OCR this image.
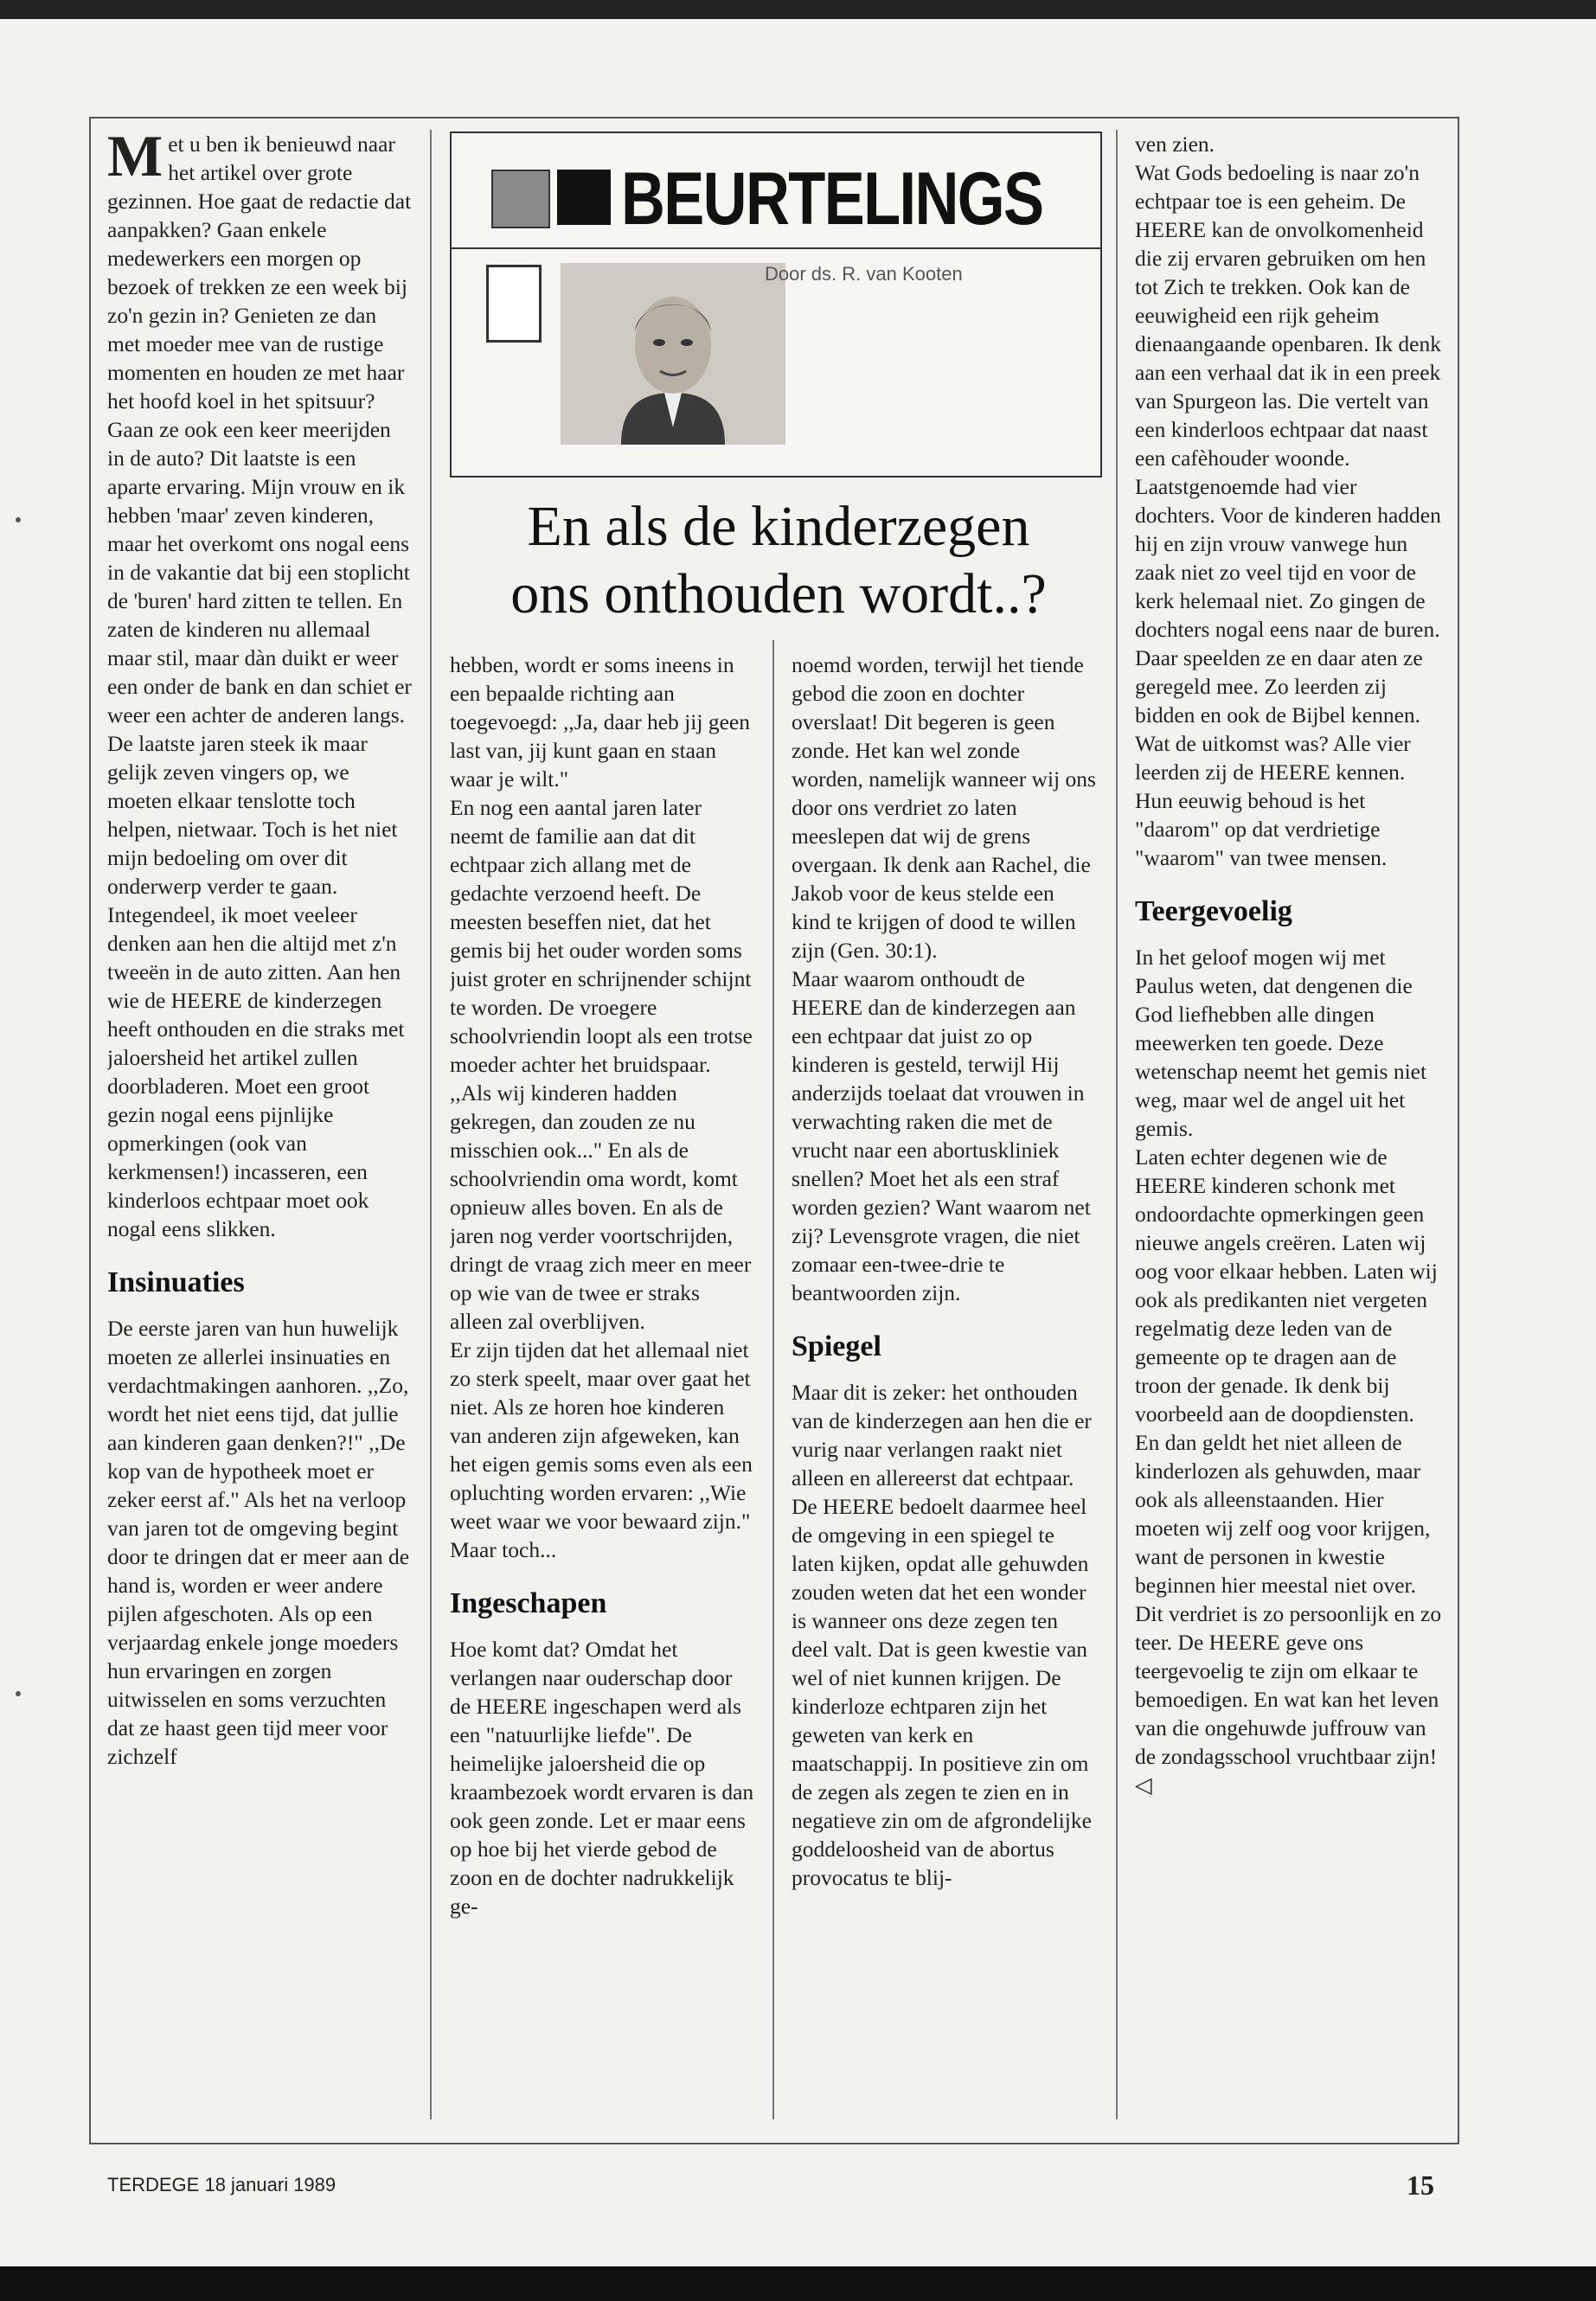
M et u ben ik benieuwd naar het artikel over grote gezinnen. Hoe gaat de redactie dat aanpakken? Gaan enkele medewerkers een morgen op bezoek of trekken ze een week bij zo'n gezin in? Genieten ze dan met moeder mee van de rustige momenten en houden ze met haar het hoofd koel in het spitsuur? Gaan ze ook een keer meerijden in de auto? Dit laatste is een aparte ervaring. Mijn vrouw en ik hebben 'maar' zeven kinderen, maar het overkomt ons nogal eens in de vakantie dat bij een stoplicht de 'buren' hard zitten te tellen. En zaten de kinderen nu allemaal maar stil, maar dàn duikt er weer een onder de bank en dan schiet er weer een achter de anderen langs. De laatste jaren steek ik maar gelijk zeven vingers op, we moeten elkaar tenslotte toch helpen, nietwaar. Toch is het niet mijn bedoeling om over dit onderwerp verder te gaan. Integendeel, ik moet veeleer denken aan hen die altijd met z'n tweeën in de auto zitten. Aan hen wie de HEERE de kinderzegen heeft onthouden en die straks met jaloersheid het artikel zullen doorbladeren. Moet een groot gezin nogal eens pijnlijke opmerkingen (ook van kerkmensen!) incasseren, een kinderloos echtpaar moet ook nogal eens slikken.

Insinuaties

De eerste jaren van hun huwelijk moeten ze allerlei insinuaties en verdachtmakingen aanhoren. ,,Zo, wordt het niet eens tijd, dat jullie aan kinderen gaan denken?!" ,,De kop van de hypotheek moet er zeker eerst af." Als het na verloop van jaren tot de omgeving begint door te dringen dat er meer aan de hand is, worden er weer andere pijlen afgeschoten. Als op een verjaardag enkele jonge moeders hun ervaringen en zorgen uitwisselen en soms verzuchten dat ze haast geen tijd meer voor zichzelf

BEURTELINGS
Door ds. R. van Kooten
En als de kinderzegen
ons onthouden wordt..?

hebben, wordt er soms ineens in een bepaalde richting aan toegevoegd: ,,Ja, daar heb jij geen last van, jij kunt gaan en staan waar je wilt."

En nog een aantal jaren later neemt de familie aan dat dit echtpaar zich allang met de gedachte verzoend heeft. De meesten beseffen niet, dat het gemis bij het ouder worden soms juist groter en schrijnender schijnt te worden. De vroegere schoolvriendin loopt als een trotse moeder achter het bruidspaar. ,,Als wij kinderen hadden gekregen, dan zouden ze nu misschien ook..." En als de schoolvriendin oma wordt, komt opnieuw alles boven. En als de jaren nog verder voortschrijden, dringt de vraag zich meer en meer op wie van de twee er straks alleen zal overblijven.

Er zijn tijden dat het allemaal niet zo sterk speelt, maar over gaat het niet. Als ze horen hoe kinderen van anderen zijn afgeweken, kan het eigen gemis soms even als een opluchting worden ervaren: ,,Wie weet waar we voor bewaard zijn." Maar toch...

Ingeschapen

Hoe komt dat? Omdat het verlangen naar ouderschap door de HEERE ingeschapen werd als een "natuurlijke liefde". De heimelijke jaloersheid die op kraambezoek wordt ervaren is dan ook geen zonde. Let er maar eens op hoe bij het vierde gebod de zoon en de dochter nadrukkelijk ge-

noemd worden, terwijl het tiende gebod die zoon en dochter overslaat! Dit begeren is geen zonde. Het kan wel zonde worden, namelijk wanneer wij ons door ons verdriet zo laten meeslepen dat wij de grens overgaan. Ik denk aan Rachel, die Jakob voor de keus stelde een kind te krijgen of dood te willen zijn (Gen. 30:1).

Maar waarom onthoudt de HEERE dan de kinderzegen aan een echtpaar dat juist zo op kinderen is gesteld, terwijl Hij anderzijds toelaat dat vrouwen in verwachting raken die met de vrucht naar een abortuskliniek snellen? Moet het als een straf worden gezien? Want waarom net zij? Levensgrote vragen, die niet zomaar een-twee-drie te beantwoorden zijn.

Spiegel

Maar dit is zeker: het onthouden van de kinderzegen aan hen die er vurig naar verlangen raakt niet alleen en allereerst dat echtpaar. De HEERE bedoelt daarmee heel de omgeving in een spiegel te laten kijken, opdat alle gehuwden zouden weten dat het een wonder is wanneer ons deze zegen ten deel valt. Dat is geen kwestie van wel of niet kunnen krijgen. De kinderloze echtparen zijn het geweten van kerk en maatschappij. In positieve zin om de zegen als zegen te zien en in negatieve zin om de afgrondelijke goddeloosheid van de abortus provocatus te blij-

ven zien.

Wat Gods bedoeling is naar zo'n echtpaar toe is een geheim. De HEERE kan de onvolkomenheid die zij ervaren gebruiken om hen tot Zich te trekken. Ook kan de eeuwigheid een rijk geheim dienaangaande openbaren. Ik denk aan een verhaal dat ik in een preek van Spurgeon las. Die vertelt van een kinderloos echtpaar dat naast een cafèhouder woonde. Laatstgenoemde had vier dochters. Voor de kinderen hadden hij en zijn vrouw vanwege hun zaak niet zo veel tijd en voor de kerk helemaal niet. Zo gingen de dochters nogal eens naar de buren. Daar speelden ze en daar aten ze geregeld mee. Zo leerden zij bidden en ook de Bijbel kennen. Wat de uitkomst was? Alle vier leerden zij de HEERE kennen. Hun eeuwig behoud is het "daarom" op dat verdrietige "waarom" van twee mensen.

Teergevoelig

In het geloof mogen wij met Paulus weten, dat dengenen die God liefhebben alle dingen meewerken ten goede. Deze wetenschap neemt het gemis niet weg, maar wel de angel uit het gemis.

Laten echter degenen wie de HEERE kinderen schonk met ondoordachte opmerkingen geen nieuwe angels creëren. Laten wij oog voor elkaar hebben. Laten wij ook als predikanten niet vergeten regelmatig deze leden van de gemeente op te dragen aan de troon der genade. Ik denk bij voorbeeld aan de doopdiensten. En dan geldt het niet alleen de kinderlozen als gehuwden, maar ook als alleenstaanden. Hier moeten wij zelf oog voor krijgen, want de personen in kwestie beginnen hier meestal niet over. Dit verdriet is zo persoonlijk en zo teer. De HEERE geve ons teergevoelig te zijn om elkaar te bemoedigen. En wat kan het leven van die ongehuwde juffrouw van de zondagsschool vruchtbaar zijn! ◁

TERDEGE 18 januari 1989	15
